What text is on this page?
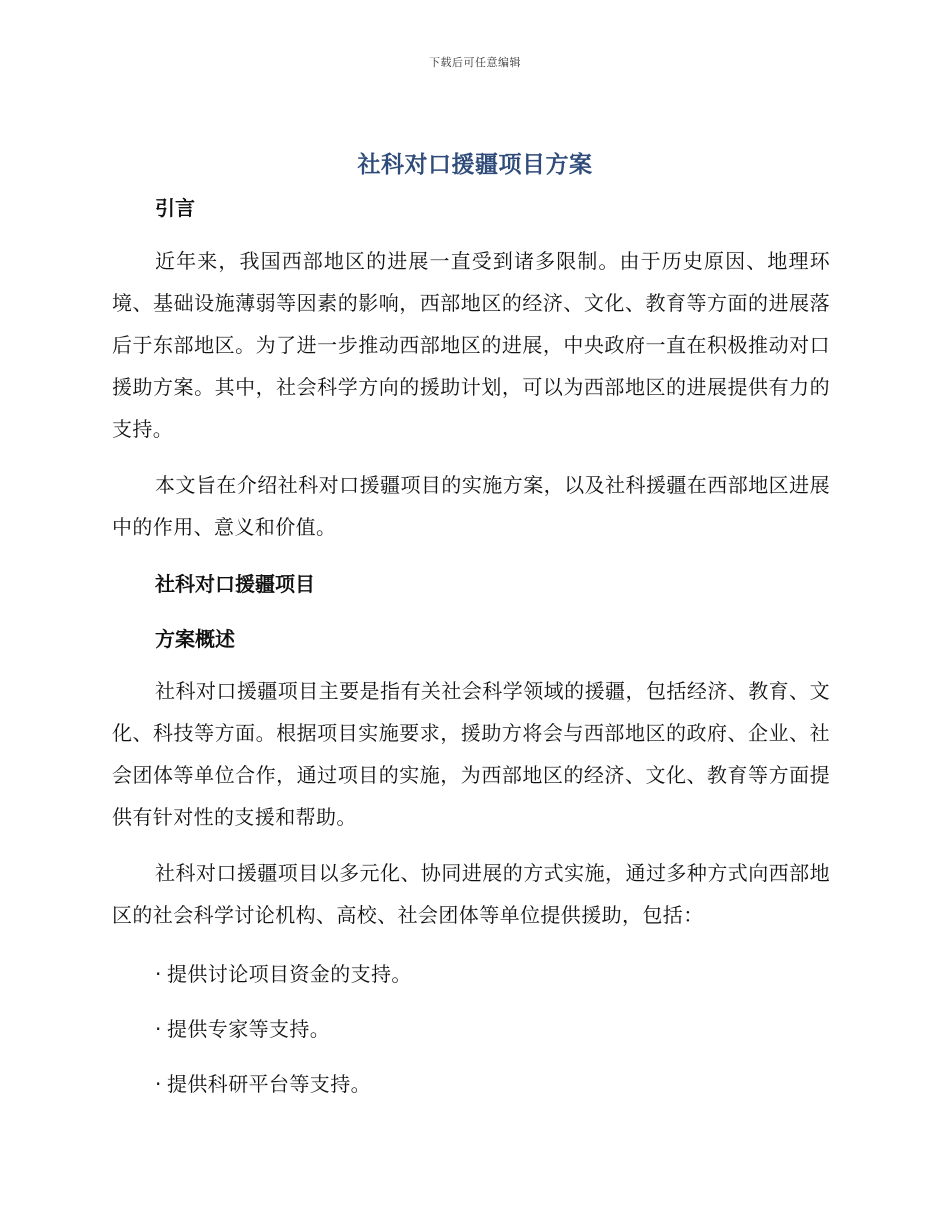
下载后可任意编辑
社科对口援疆项目方案
引言

近年来，我国西部地区的进展一直受到诸多限制。由于历史原因、地理环境、基础设施薄弱等因素的影响，西部地区的经济、文化、教育等方面的进展落后于东部地区。为了进一步推动西部地区的进展，中央政府一直在积极推动对口援助方案。其中，社会科学方向的援助计划，可以为西部地区的进展提供有力的支持。

本文旨在介绍社科对口援疆项目的实施方案，以及社科援疆在西部地区进展中的作用、意义和价值。

社科对口援疆项目
方案概述

社科对口援疆项目主要是指有关社会科学领域的援疆，包括经济、教育、文化、科技等方面。根据项目实施要求，援助方将会与西部地区的政府、企业、社会团体等单位合作，通过项目的实施，为西部地区的经济、文化、教育等方面提供有针对性的支援和帮助。

社科对口援疆项目以多元化、协同进展的方式实施，通过多种方式向西部地区的社会科学讨论机构、高校、社会团体等单位提供援助，包括：

· 提供讨论项目资金的支持。

· 提供专家等支持。

· 提供科研平台等支持。
